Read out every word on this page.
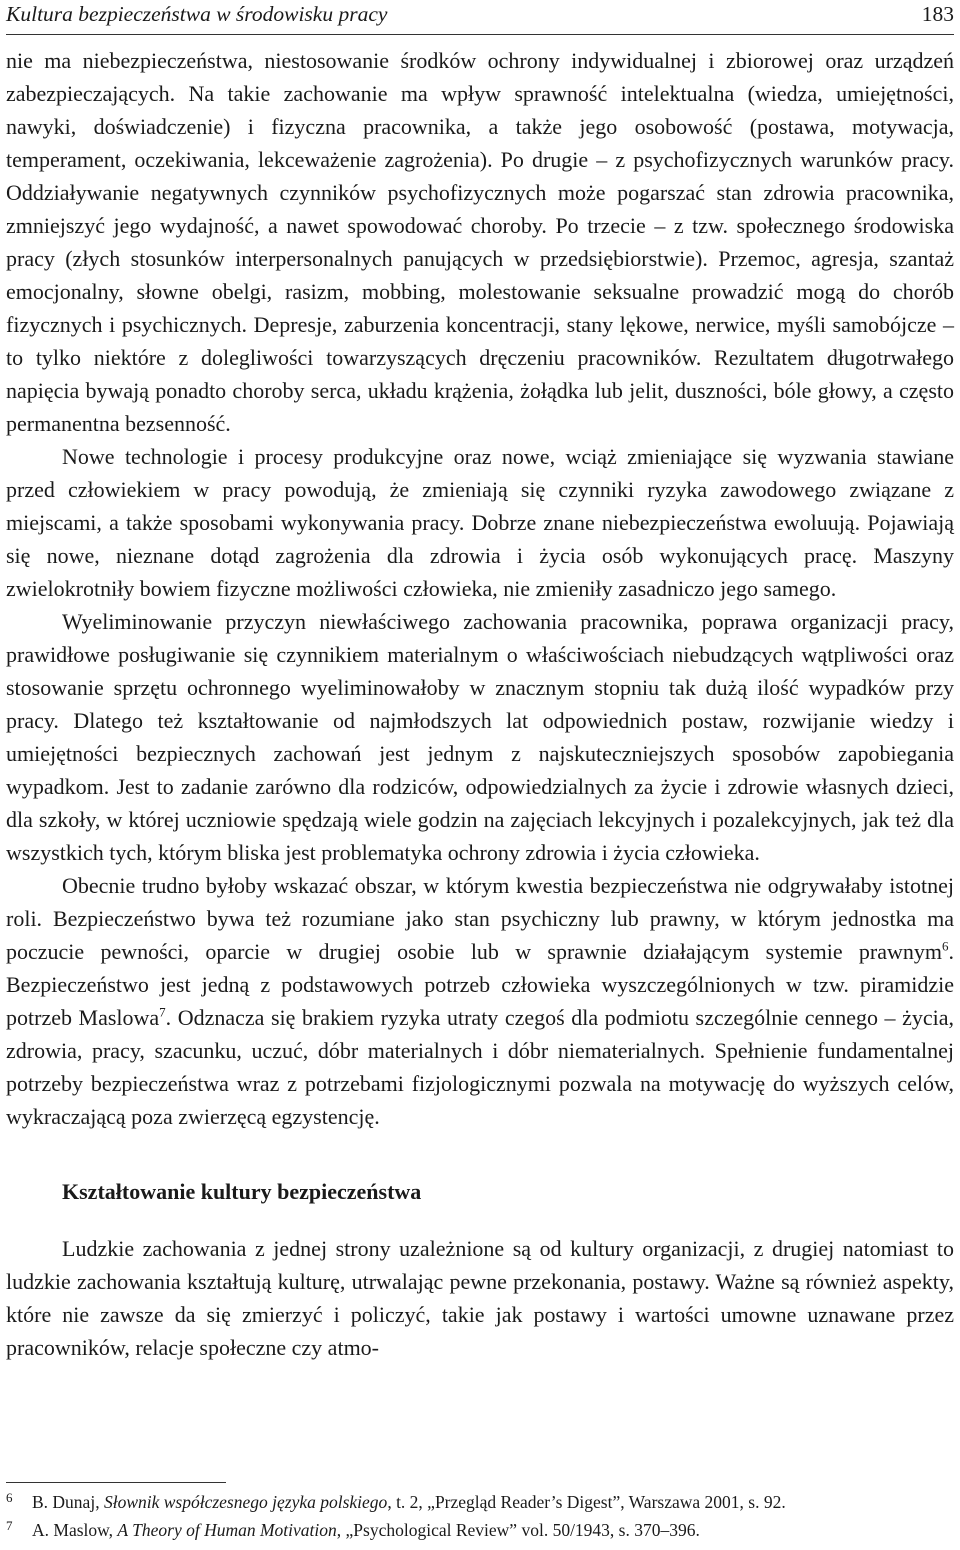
Kultura bezpieczeństwa w środowisku pracy	183

nie ma niebezpieczeństwa, niestosowanie środków ochrony indywidualnej i zbiorowej oraz urządzeń zabezpieczających. Na takie zachowanie ma wpływ sprawność intelektualna (wiedza, umiejętności, nawyki, doświadczenie) i fizyczna pracownika, a także jego osobowość (postawa, motywacja, temperament, oczekiwania, lekceważenie zagrożenia). Po drugie – z psychofizycznych warunków pracy. Oddziaływanie negatywnych czynników psychofizycznych może pogarszać stan zdrowia pracownika, zmniejszyć jego wydajność, a nawet spowodować choroby. Po trzecie – z tzw. społecznego środowiska pracy (złych stosunków interpersonalnych panujących w przedsiębiorstwie). Przemoc, agresja, szantaż emocjonalny, słowne obelgi, rasizm, mobbing, molestowanie seksualne prowadzić mogą do chorób fizycznych i psychicznych. Depresje, zaburzenia koncentracji, stany lękowe, nerwice, myśli samobójcze – to tylko niektóre z dolegliwości towarzyszących dręczeniu pracowników. Rezultatem długotrwałego napięcia bywają ponadto choroby serca, układu krążenia, żołądka lub jelit, duszności, bóle głowy, a często permanentna bezsenność.

Nowe technologie i procesy produkcyjne oraz nowe, wciąż zmieniające się wyzwania stawiane przed człowiekiem w pracy powodują, że zmieniają się czynniki ryzyka zawodowego związane z miejscami, a także sposobami wykonywania pracy. Dobrze znane niebezpieczeństwa ewoluują. Pojawiają się nowe, nieznane dotąd zagrożenia dla zdrowia i życia osób wykonujących pracę. Maszyny zwielokrotniły bowiem fizyczne możliwości człowieka, nie zmieniły zasadniczo jego samego.

Wyeliminowanie przyczyn niewłaściwego zachowania pracownika, poprawa organizacji pracy, prawidłowe posługiwanie się czynnikiem materialnym o właściwościach niebudzących wątpliwości oraz stosowanie sprzętu ochronnego wyeliminowałoby w znacznym stopniu tak dużą ilość wypadków przy pracy. Dlatego też kształtowanie od najmłodszych lat odpowiednich postaw, rozwijanie wiedzy i umiejętności bezpiecznych zachowań jest jednym z najskuteczniejszych sposobów zapobiegania wypadkom. Jest to zadanie zarówno dla rodziców, odpowiedzialnych za życie i zdrowie własnych dzieci, dla szkoły, w której uczniowie spędzają wiele godzin na zajęciach lekcyjnych i pozalekcyjnych, jak też dla wszystkich tych, którym bliska jest problematyka ochrony zdrowia i życia człowieka.

Obecnie trudno byłoby wskazać obszar, w którym kwestia bezpieczeństwa nie odgrywałaby istotnej roli. Bezpieczeństwo bywa też rozumiane jako stan psychiczny lub prawny, w którym jednostka ma poczucie pewności, oparcie w drugiej osobie lub w sprawnie działającym systemie prawnym$^6$. Bezpieczeństwo jest jedną z podstawowych potrzeb człowieka wyszczególnionych w tzw. piramidzie potrzeb Maslowa$^7$. Odznacza się brakiem ryzyka utraty czegoś dla podmiotu szczególnie cennego – życia, zdrowia, pracy, szacunku, uczuć, dóbr materialnych i dóbr niematerialnych. Spełnienie fundamentalnej potrzeby bezpieczeństwa wraz z potrzebami fizjologicznymi pozwala na motywację do wyższych celów, wykraczającą poza zwierzęcą egzystencję.

Kształtowanie kultury bezpieczeństwa

Ludzkie zachowania z jednej strony uzależnione są od kultury organizacji, z drugiej natomiast to ludzkie zachowania kształtują kulturę, utrwalając pewne przekonania, postawy. Ważne są również aspekty, które nie zawsze da się zmierzyć i policzyć, takie jak postawy i wartości umowne uznawane przez pracowników, relacje społeczne czy atmo-

6	B. Dunaj, Słownik współczesnego języka polskiego, t. 2, „Przegląd Reader’s Digest”, Warszawa 2001, s. 92.
7	A. Maslow, A Theory of Human Motivation, „Psychological Review” vol. 50/1943, s. 370–396.
